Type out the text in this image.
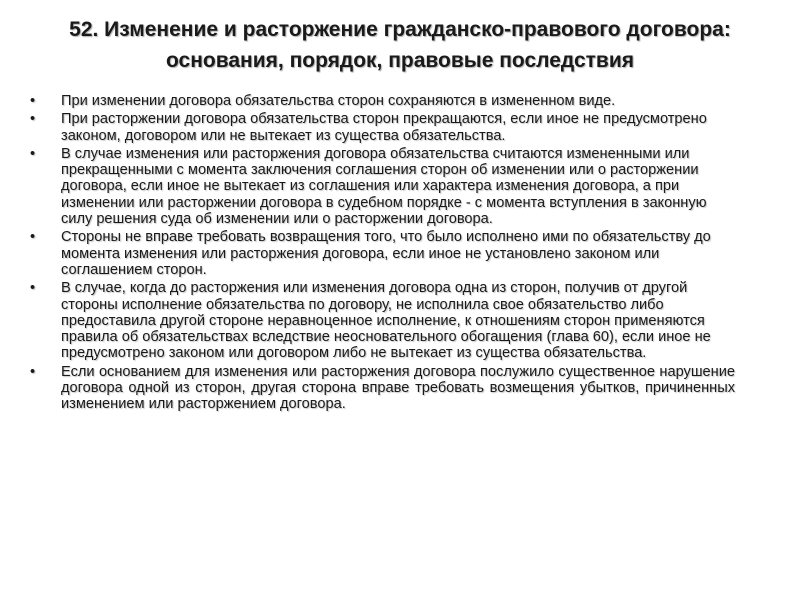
52. Изменение и расторжение гражданско-правового договора:
основания, порядок, правовые последствия
•	При изменении договора обязательства сторон сохраняются в измененном виде.
•	При расторжении договора обязательства сторон прекращаются, если иное не предусмотрено законом, договором или не вытекает из существа обязательства.
•	В случае изменения или расторжения договора обязательства считаются измененными или прекращенными с момента заключения соглашения сторон об изменении или о расторжении договора, если иное не вытекает из соглашения или характера изменения договора, а при изменении или расторжении договора в судебном порядке - с момента вступления в законную силу решения суда об изменении или о расторжении договора.
•	Стороны не вправе требовать возвращения того, что было исполнено ими по обязательству до момента изменения или расторжения договора, если иное не установлено законом или соглашением сторон.
•	В случае, когда до расторжения или изменения договора одна из сторон, получив от другой стороны исполнение обязательства по договору, не исполнила свое обязательство либо предоставила другой стороне неравноценное исполнение, к отношениям сторон применяются правила об обязательствах вследствие неосновательного обогащения (глава 60), если иное не предусмотрено законом или договором либо не вытекает из существа обязательства.
•	Если основанием для изменения или расторжения договора послужило существенное нарушение договора одной из сторон, другая сторона вправе требовать возмещения убытков, причиненных изменением или расторжением договора.
